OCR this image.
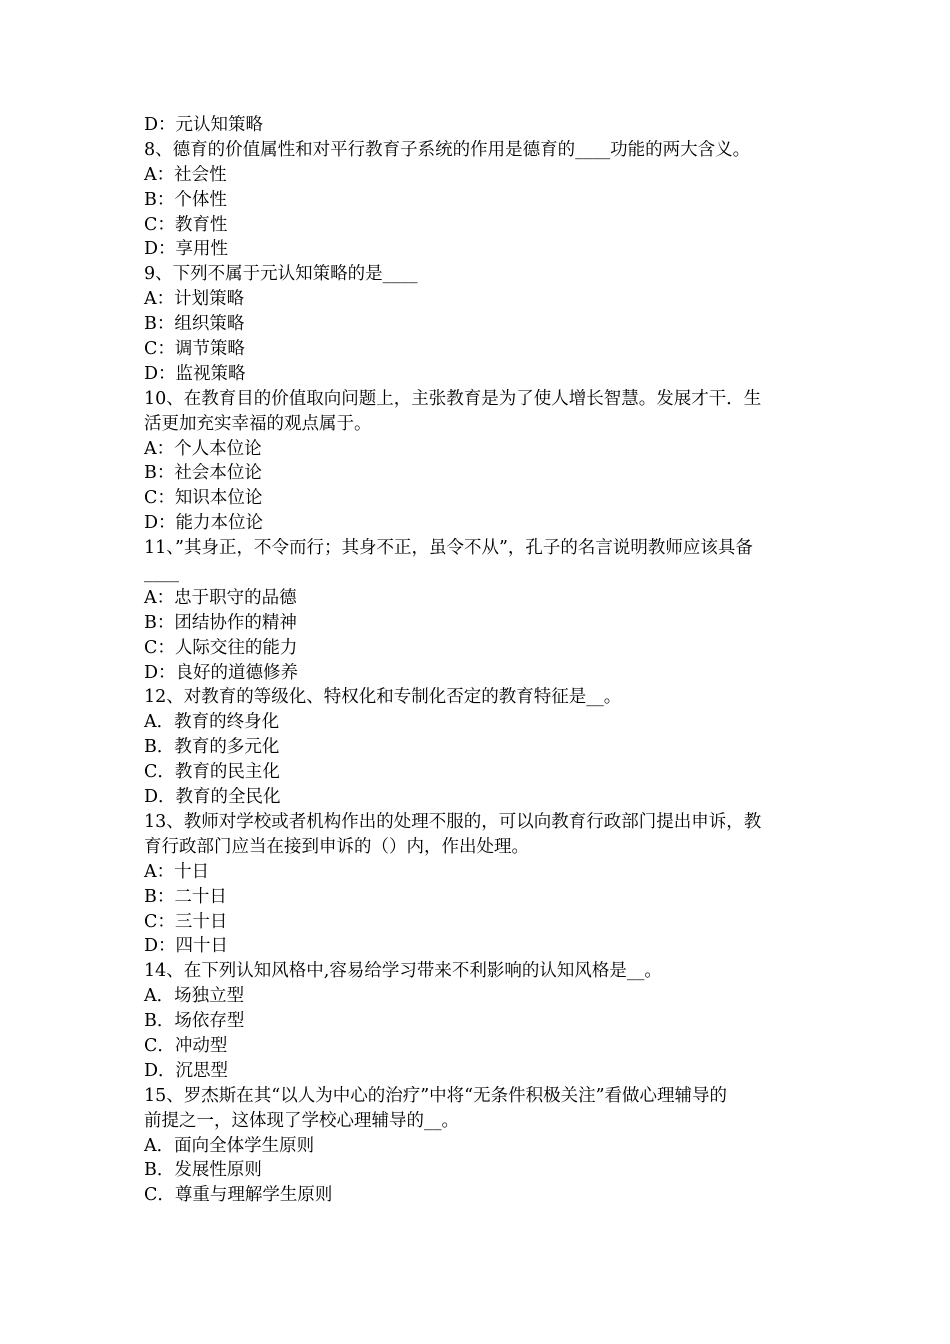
D：元认知策略
8、德育的价值属性和对平行教育子系统的作用是德育的____功能的两大含义。
A：社会性
B：个体性
C：教育性
D：享用性
9、下列不属于元认知策略的是____
A：计划策略
B：组织策略
C：调节策略
D：监视策略
10、在教育目的价值取向问题上，主张教育是为了使人增长智慧。发展才干．生
活更加充实幸福的观点属于。
A：个人本位论
B：社会本位论
C：知识本位论
D：能力本位论
11、”其身正，不令而行；其身不正，虽令不从”，孔子的名言说明教师应该具备
____
A：忠于职守的品德
B：团结协作的精神
C：人际交往的能力
D：良好的道德修养
12、对教育的等级化、特权化和专制化否定的教育特征是__。
A．教育的终身化
B．教育的多元化
C．教育的民主化
D．教育的全民化
13、教师对学校或者机构作出的处理不服的，可以向教育行政部门提出申诉，教
育行政部门应当在接到申诉的（）内，作出处理。
A：十日
B：二十日
C：三十日
D：四十日
14、在下列认知风格中,容易给学习带来不利影响的认知风格是__。
A．场独立型
B．场依存型
C．冲动型
D．沉思型
15、罗杰斯在其“以人为中心的治疗”中将“无条件积极关注”看做心理辅导的
前提之一，这体现了学校心理辅导的__。
A．面向全体学生原则
B．发展性原则
C．尊重与理解学生原则
